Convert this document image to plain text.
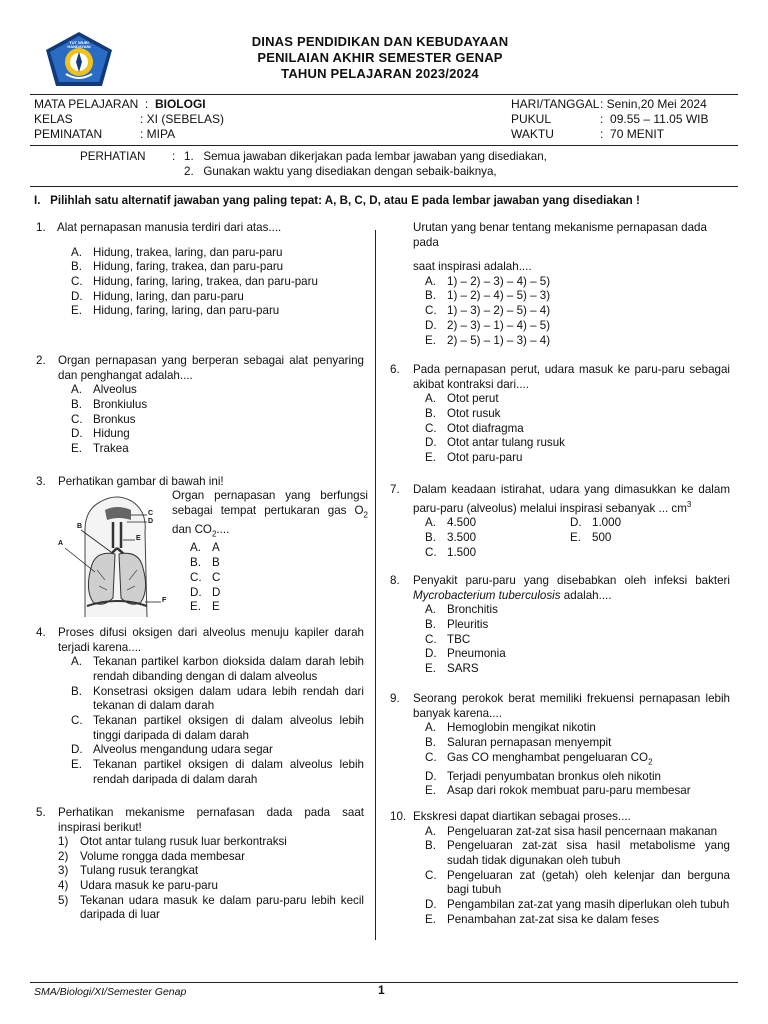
TUT WURI HANDAYANI	DINAS PENDIDIKAN DAN KEBUDAYAAN
PENILAIAN AKHIR SEMESTER GENAP
TAHUN PELAJARAN 2023/2024
MATA PELAJARAN  :  BIOLOGI
KELAS	: XI (SEBELAS)
PEMINATAN	: MIPA
HARI/TANGGAL : Senin,20 Mei 2024
PUKUL	:  09.55 – 11.05 WIB
WAKTU	:  70 MENIT
PERHATIAN : 1. Semua jawaban dikerjakan pada lembar jawaban yang disediakan,
2. Gunakan waktu yang disediakan dengan sebaik-baiknya,
I. Pilihlah satu alternatif jawaban yang paling tepat: A, B, C, D, atau E pada lembar jawaban yang disediakan !
1. Alat pernapasan manusia terdiri dari atas....
A. Hidung, trakea, laring, dan paru-paru
B. Hidung, faring, trakea, dan paru-paru
C. Hidung, faring, laring, trakea, dan paru-paru
D. Hidung, laring, dan paru-paru
E. Hidung, faring, laring, dan paru-paru
2.	Organ pernapasan yang berperan sebagai alat penyaring dan penghangat adalah....
A. Alveolus
B. Bronkiulus
C. Bronkus
D. Hidung
E. Trakea
3.	Perhatikan gambar di bawah ini!
A
B
C
D
E
F
Organ pernapasan yang berfungsi sebagai tempat pertukaran gas $O_2$ dan $CO_2$....
A. A
B. B
C. C
D. D
E. E
4.	Proses difusi oksigen dari alveolus menuju kapiler darah terjadi karena....
A. Tekanan partikel karbon dioksida dalam darah lebih rendah dibanding dengan di dalam alveolus
B. Konsetrasi oksigen dalam udara lebih rendah dari tekanan di dalam darah
C. Tekanan partikel oksigen di dalam alveolus lebih tinggi daripada di dalam darah
D. Alveolus mengandung udara segar
E. Tekanan partikel oksigen di dalam alveolus lebih rendah daripada di dalam darah
5.	Perhatikan mekanisme pernafasan dada pada saat inspirasi berikut!
1) Otot antar tulang rusuk luar berkontraksi
2) Volume rongga dada membesar
3) Tulang rusuk terangkat
4) Udara masuk ke paru-paru
5) Tekanan udara masuk ke dalam paru-paru lebih kecil daripada di luar
Urutan yang benar tentang mekanisme pernapasan dada pada
saat inspirasi adalah....
A. 1) – 2) – 3) – 4) – 5)
B. 1) – 2) – 4) – 5) – 3)
C. 1) – 3) – 2) – 5) – 4)
D. 2) – 3) – 1) – 4) – 5)
E. 2) – 5) – 1) – 3) – 4)
6.	Pada pernapasan perut, udara masuk ke paru-paru sebagai akibat kontraksi dari....
A. Otot perut
B. Otot rusuk
C. Otot diafragma
D. Otot antar tulang rusuk
E. Otot paru-paru
7.	Dalam keadaan istirahat, udara yang dimasukkan ke dalam paru-paru (alveolus) melalui inspirasi sebanyak ... $cm^3$
A. 4.500
B. 3.500
C. 1.500
D. 1.000
E. 500
8.	Penyakit paru-paru yang disebabkan oleh infeksi bakteri Mycrobacterium tuberculosis adalah....
A. Bronchitis
B. Pleuritis
C. TBC
D. Pneumonia
E. SARS
9.	Seorang perokok berat memiliki frekuensi pernapasan lebih banyak karena....
A. Hemoglobin mengikat nikotin
B. Saluran pernapasan menyempit
C. Gas CO menghambat pengeluaran $CO_2$
D. Terjadi penyumbatan bronkus oleh nikotin
E. Asap dari rokok membuat paru-paru membesar
10. Ekskresi dapat diartikan sebagai proses....
A. Pengeluaran zat-zat sisa hasil pencernaan makanan
B. Pengeluaran zat-zat sisa hasil metabolisme yang sudah tidak digunakan oleh tubuh
C. Pengeluaran zat (getah) oleh kelenjar dan berguna bagi tubuh
D. Pengambilan zat-zat yang masih diperlukan oleh tubuh
E. Penambahan zat-zat sisa ke dalam feses
SMA/Biologi/XI/Semester Genap	1
